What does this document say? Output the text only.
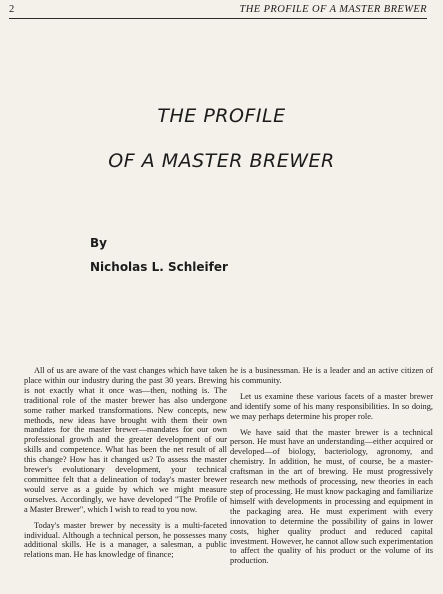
2	THE PROFILE OF A MASTER BREWER
THE PROFILE
OF A MASTER BREWER
By
Nicholas L. Schleifer

All of us are aware of the vast changes which have taken place within our industry during the past 30 years. Brewing is not exactly what it once was—then, nothing is. The traditional role of the master brewer has also undergone some rather marked transformations. New concepts, new methods, new ideas have brought with them their own mandates for the master brewer—mandates for our own professional growth and the greater development of our skills and competence. What has been the net result of all this change? How has it changed us? To assess the master brewer's evolutionary development, your technical committee felt that a delineation of today's master brewer would serve as a guide by which we might measure ourselves. Accordingly, we have developed "The Profile of a Master Brewer", which I wish to read to you now.

Today's master brewer by necessity is a multi-faceted individual. Although a technical person, he possesses many additional skills. He is a manager, a salesman, a public relations man. He has knowledge of finance;

he is a businessman. He is a leader and an active citizen of his community.

Let us examine these various facets of a master brewer and identify some of his many responsibilities. In so doing, we may perhaps determine his proper role.

We have said that the master brewer is a technical person. He must have an understanding—either acquired or developed—of biology, bacteriology, agronomy, and chemistry. In addition, he must, of course, be a master-craftsman in the art of brewing. He must progressively research new methods of processing, new theories in each step of processing. He must know packaging and familiarize himself with developments in processing and equipment in the packaging area. He must experiment with every innovation to determine the possibility of gains in lower costs, higher quality product and reduced capital investment. However, he cannot allow such experimentation to affect the quality of his product or the volume of its production.
